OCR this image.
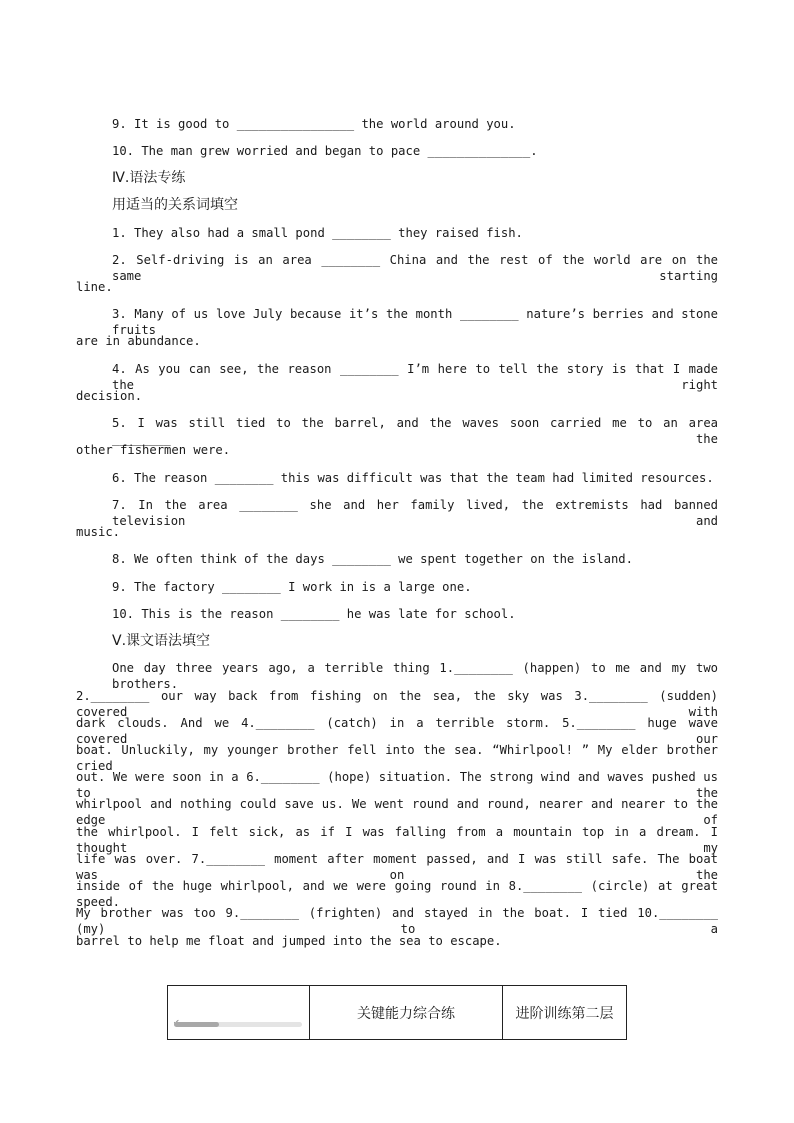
9. It is good to ________________ the world around you.
10. The man grew worried and began to pace ______________.
Ⅳ.语法专练
用适当的关系词填空
1. They also had a small pond ________ they raised fish.
2. Self-driving is an area ________ China and the rest of the world are on the same starting
line.
3. Many of us love July because it’s the month ________ nature’s berries and stone fruits
are in abundance.
4. As you can see, the reason ________ I’m here to tell the story is that I made the right
decision.
5. I was still tied to the barrel, and the waves soon carried me to an area ________ the
other fishermen were.
6. The reason ________ this was difficult was that the team had limited resources.
7. In the area ________ she and her family lived, the extremists had banned television and
music.
8. We often think of the days ________ we spent together on the island.
9. The factory ________ I work in is a large one.
10. This is the reason ________ he was late for school.
Ⅴ.课文语法填空
One day three years ago, a terrible thing 1.________ (happen) to me and my two brothers.
2.________ our way back from fishing on the sea, the sky was 3.________ (sudden) covered with
dark clouds. And we 4.________ (catch) in a terrible storm. 5.________ huge wave covered our
boat. Unluckily, my younger brother fell into the sea. “Whirlpool! ” My elder brother cried
out. We were soon in a 6.________ (hope) situation. The strong wind and waves pushed us to the
whirlpool and nothing could save us. We went round and round, nearer and nearer to the edge of
the whirlpool. I felt sick, as if I was falling from a mountain top in a dream. I thought my
life was over. 7.________ moment after moment passed, and I was still safe. The boat was on the
inside of the huge whirlpool, and we were going round in 8.________ (circle) at great speed.
My brother was too 9.________ (frighten) and stayed in the boat. I tied 10.________ (my) to a
barrel to help me float and jumped into the sea to escape.
关键能力综合练	进阶训练第二层
